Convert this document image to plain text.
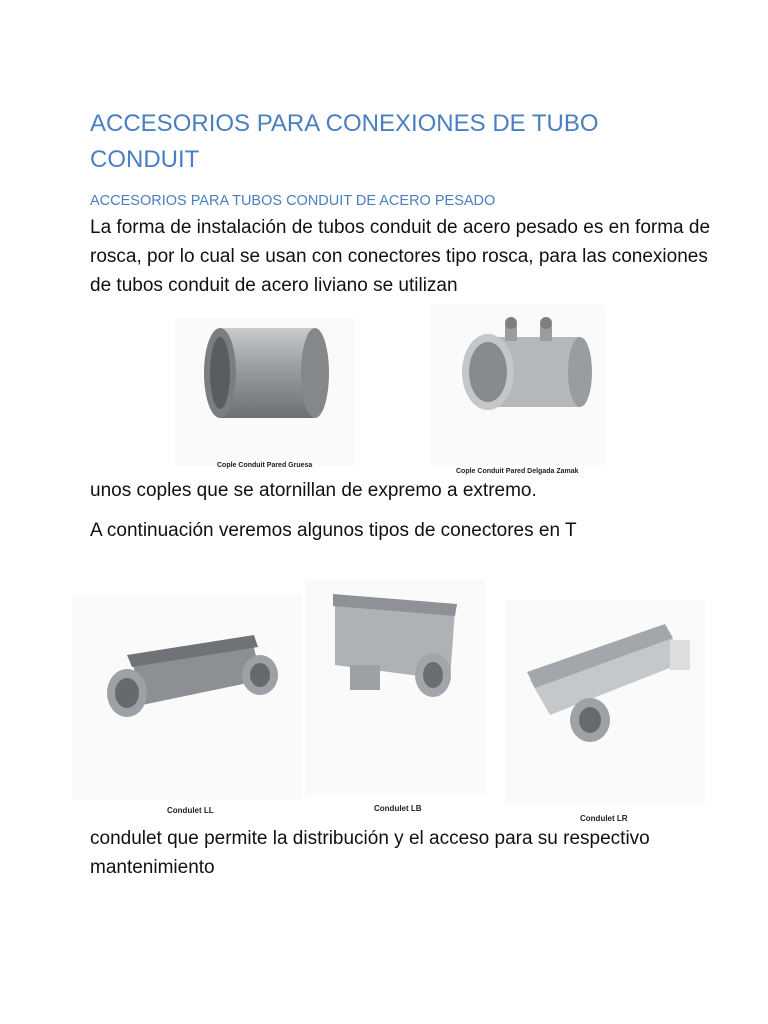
ACCESORIOS PARA CONEXIONES DE TUBO CONDUIT
ACCESORIOS PARA TUBOS CONDUIT DE ACERO PESADO
La forma de instalación de tubos conduit de acero pesado es en forma de rosca, por lo cual se usan con conectores tipo rosca, para las conexiones de tubos conduit de acero liviano se utilizan
Cople Conduit Pared Gruesa
Cople Conduit Pared Delgada Zamak
unos coples que se atornillan de expremo a extremo.
A continuación veremos algunos tipos de conectores en T
Condulet LL	Condulet LB
Condulet LR
condulet que permite la distribución y el acceso para su respectivo mantenimiento
